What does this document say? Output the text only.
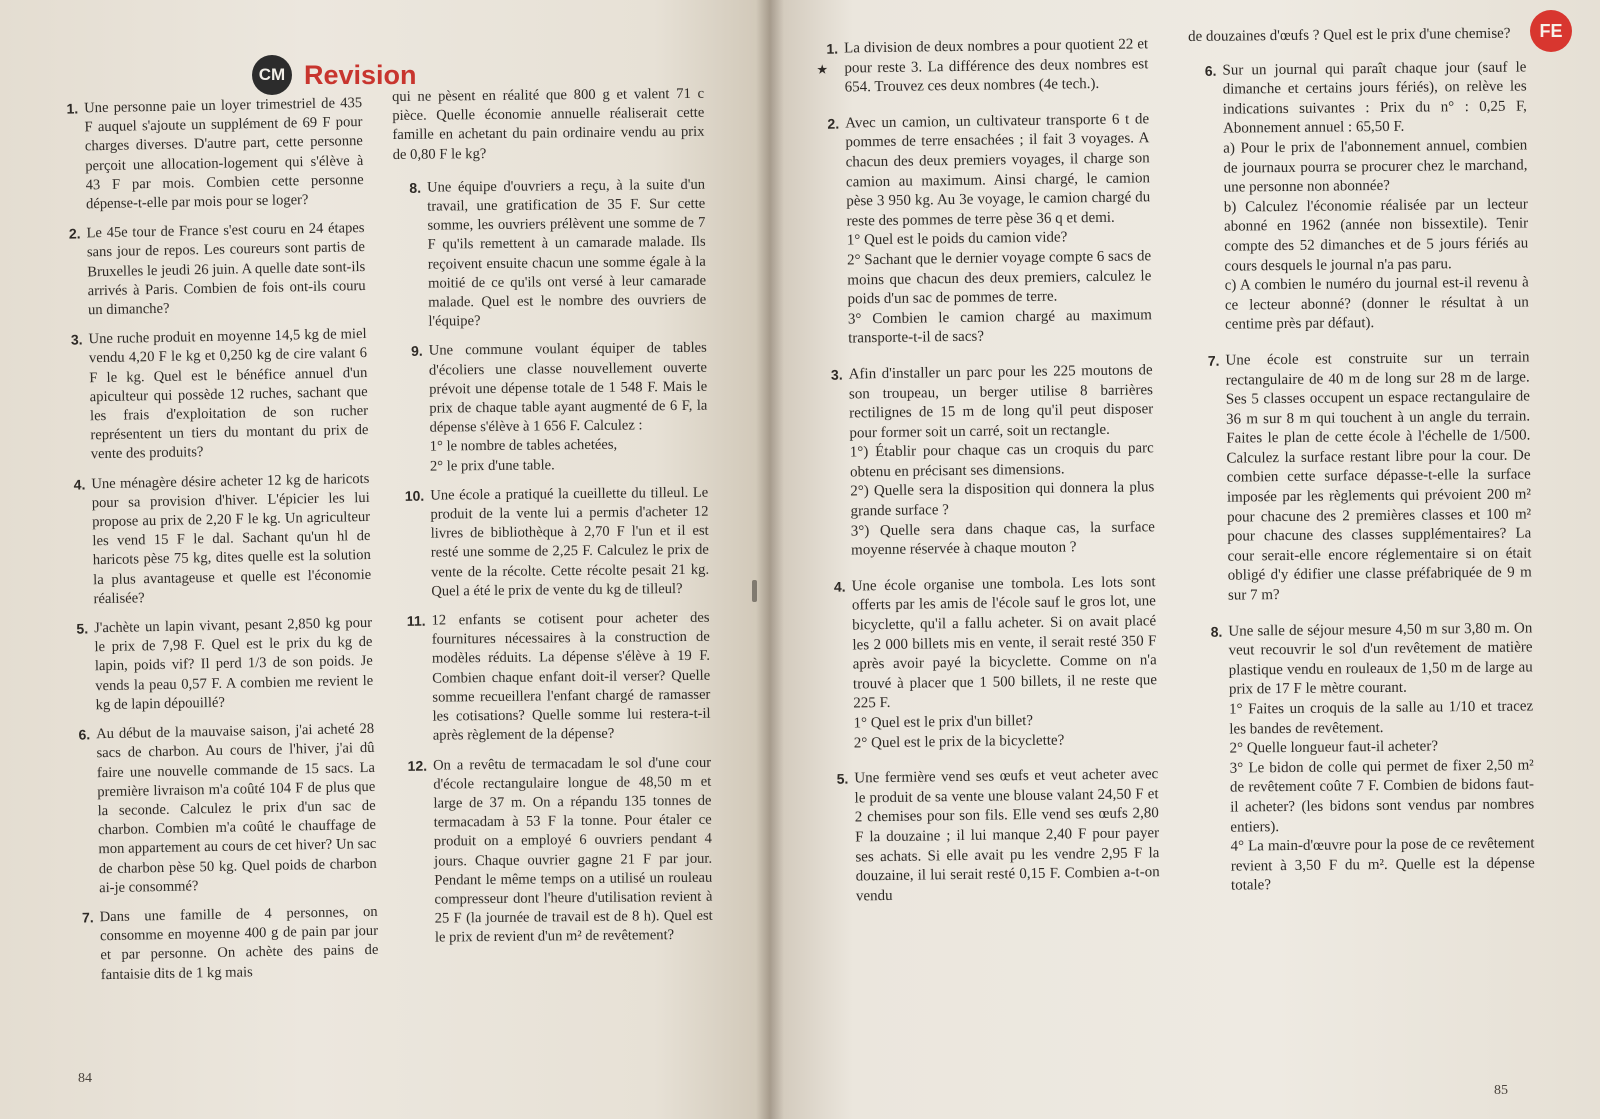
CM Revision
1. Une personne paie un loyer trimestriel de 435 F auquel s'ajoute un supplément de 69 F pour charges diverses. D'autre part, cette personne perçoit une allocation-logement qui s'élève à 43 F par mois. Combien cette personne dépense-t-elle par mois pour se loger?
2. Le 45e tour de France s'est couru en 24 étapes sans jour de repos. Les coureurs sont partis de Bruxelles le jeudi 26 juin. A quelle date sont-ils arrivés à Paris. Combien de fois ont-ils couru un dimanche?
3. Une ruche produit en moyenne 14,5 kg de miel vendu 4,20 F le kg et 0,250 kg de cire valant 6 F le kg. Quel est le bénéfice annuel d'un apiculteur qui possède 12 ruches, sachant que les frais d'exploitation de son rucher représentent un tiers du montant du prix de vente des produits?
4. Une ménagère désire acheter 12 kg de haricots pour sa provision d'hiver. L'épicier les lui propose au prix de 2,20 F le kg. Un agriculteur les vend 15 F le dal. Sachant qu'un hl de haricots pèse 75 kg, dites quelle est la solution la plus avantageuse et quelle est l'économie réalisée?
5. J'achète un lapin vivant, pesant 2,850 kg pour le prix de 7,98 F. Quel est le prix du kg de lapin, poids vif? Il perd 1/3 de son poids. Je vends la peau 0,57 F. A combien me revient le kg de lapin dépouillé?
6. Au début de la mauvaise saison, j'ai acheté 28 sacs de charbon. Au cours de l'hiver, j'ai dû faire une nouvelle commande de 15 sacs. La première livraison m'a coûté 104 F de plus que la seconde. Calculez le prix d'un sac de charbon. Combien m'a coûté le chauffage de mon appartement au cours de cet hiver? Un sac de charbon pèse 50 kg. Quel poids de charbon ai-je consommé?
7. Dans une famille de 4 personnes, on consomme en moyenne 400 g de pain par jour et par personne. On achète des pains de fantaisie dits de 1 kg mais
qui ne pèsent en réalité que 800 g et valent 71 c pièce. Quelle économie annuelle réaliserait cette famille en achetant du pain ordinaire vendu au prix de 0,80 F le kg?
8. Une équipe d'ouvriers a reçu, à la suite d'un travail, une gratification de 35 F. Sur cette somme, les ouvriers prélèvent une somme de 7 F qu'ils remettent à un camarade malade. Ils reçoivent ensuite chacun une somme égale à la moitié de ce qu'ils ont versé à leur camarade malade. Quel est le nombre des ouvriers de l'équipe?
9. Une commune voulant équiper de tables d'écoliers une classe nouvellement ouverte prévoit une dépense totale de 1 548 F. Mais le prix de chaque table ayant augmenté de 6 F, la dépense s'élève à 1 656 F. Calculez :
1° le nombre de tables achetées,
2° le prix d'une table.
10. Une école a pratiqué la cueillette du tilleul. Le produit de la vente lui a permis d'acheter 12 livres de bibliothèque à 2,70 F l'un et il est resté une somme de 2,25 F. Calculez le prix de vente de la récolte. Cette récolte pesait 21 kg. Quel a été le prix de vente du kg de tilleul?
11. 12 enfants se cotisent pour acheter des fournitures nécessaires à la construction de modèles réduits. La dépense s'élève à 19 F. Combien chaque enfant doit-il verser? Quelle somme recueillera l'enfant chargé de ramasser les cotisations? Quelle somme lui restera-t-il après règlement de la dépense?
12. On a revêtu de termacadam le sol d'une cour d'école rectangulaire longue de 48,50 m et large de 37 m. On a répandu 135 tonnes de termacadam à 53 F la tonne. Pour étaler ce produit on a employé 6 ouvriers pendant 4 jours. Chaque ouvrier gagne 21 F par jour. Pendant le même temps on a utilisé un rouleau compresseur dont l'heure d'utilisation revient à 25 F (la journée de travail est de 8 h). Quel est le prix de revient d'un m² de revêtement?
84
FE
1.
★
La division de deux nombres a pour quotient 22 et pour reste 3. La différence des deux nombres est 654. Trouvez ces deux nombres (4e tech.).
2. Avec un camion, un cultivateur transporte 6 t de pommes de terre ensachées ; il fait 3 voyages. A chacun des deux premiers voyages, il charge son camion au maximum. Ainsi chargé, le camion pèse 3 950 kg. Au 3e voyage, le camion chargé du reste des pommes de terre pèse 36 q et demi.
1° Quel est le poids du camion vide?
2° Sachant que le dernier voyage compte 6 sacs de moins que chacun des deux premiers, calculez le poids d'un sac de pommes de terre.
3° Combien le camion chargé au maximum transporte-t-il de sacs?
3. Afin d'installer un parc pour les 225 moutons de son troupeau, un berger utilise 8 barrières rectilignes de 15 m de long qu'il peut disposer pour former soit un carré, soit un rectangle.
1°) Établir pour chaque cas un croquis du parc obtenu en précisant ses dimensions.
2°) Quelle sera la disposition qui donnera la plus grande surface ?
3°) Quelle sera dans chaque cas, la surface moyenne réservée à chaque mouton ?
4. Une école organise une tombola. Les lots sont offerts par les amis de l'école sauf le gros lot, une bicyclette, qu'il a fallu acheter. Si on avait placé les 2 000 billets mis en vente, il serait resté 350 F après avoir payé la bicyclette. Comme on n'a trouvé à placer que 1 500 billets, il ne reste que 225 F.
1° Quel est le prix d'un billet?
2° Quel est le prix de la bicyclette?
5. Une fermière vend ses œufs et veut acheter avec le produit de sa vente une blouse valant 24,50 F et 2 chemises pour son fils. Elle vend ses œufs 2,80 F la douzaine ; il lui manque 2,40 F pour payer ses achats. Si elle avait pu les vendre 2,95 F la douzaine, il lui serait resté 0,15 F. Combien a-t-on vendu
de douzaines d'œufs ? Quel est le prix d'une chemise?
6. Sur un journal qui paraît chaque jour (sauf le dimanche et certains jours fériés), on relève les indications suivantes : Prix du n° : 0,25 F, Abonnement annuel : 65,50 F.
a) Pour le prix de l'abonnement annuel, combien de journaux pourra se procurer chez le marchand, une personne non abonnée?
b) Calculez l'économie réalisée par un lecteur abonné en 1962 (année non bissextile). Tenir compte des 52 dimanches et de 5 jours fériés au cours desquels le journal n'a pas paru.
c) A combien le numéro du journal est-il revenu à ce lecteur abonné? (donner le résultat à un centime près par défaut).
7. Une école est construite sur un terrain rectangulaire de 40 m de long sur 28 m de large. Ses 5 classes occupent un espace rectangulaire de 36 m sur 8 m qui touchent à un angle du terrain. Faites le plan de cette école à l'échelle de 1/500. Calculez la surface restant libre pour la cour. De combien cette surface dépasse-t-elle la surface imposée par les règlements qui prévoient 200 m² pour chacune des 2 premières classes et 100 m² pour chacune des classes supplémentaires? La cour serait-elle encore réglementaire si on était obligé d'y édifier une classe préfabriquée de 9 m sur 7 m?
8. Une salle de séjour mesure 4,50 m sur 3,80 m. On veut recouvrir le sol d'un revêtement de matière plastique vendu en rouleaux de 1,50 m de large au prix de 17 F le mètre courant.
1° Faites un croquis de la salle au 1/10 et tracez les bandes de revêtement.
2° Quelle longueur faut-il acheter?
3° Le bidon de colle qui permet de fixer 2,50 m² de revêtement coûte 7 F. Combien de bidons faut-il acheter? (les bidons sont vendus par nombres entiers).
4° La main-d'œuvre pour la pose de ce revêtement revient à 3,50 F du m². Quelle est la dépense totale?
85
